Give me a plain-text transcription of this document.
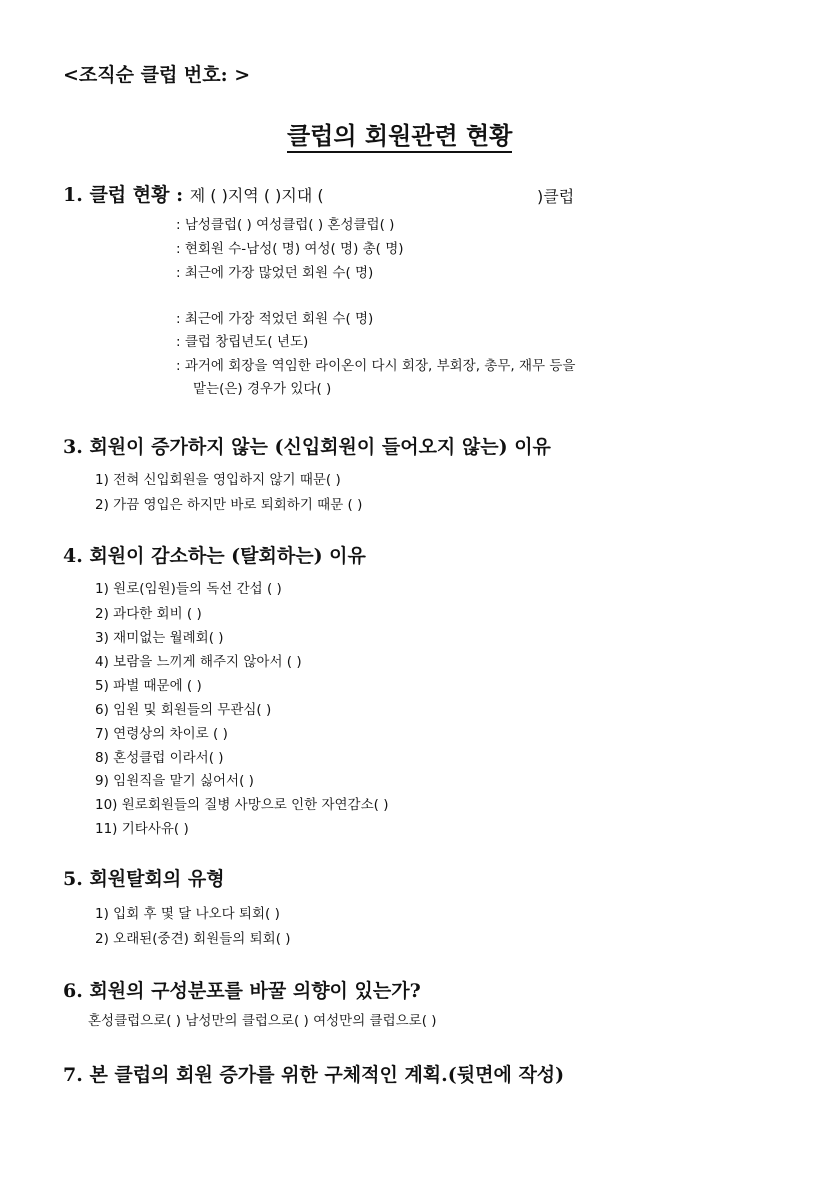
<조직순 클럽 번호: >
클럽의 회원관련 현황
1. 클럽 현황 : 제 ( )지역 ( )지대 (	)클럽
: 남성클럽( ) 여성클럽( ) 혼성클럽( )
: 현회원 수-남성( 명) 여성( 명) 총( 명)
: 최근에 가장 많었던 회원 수( 명)
: 최근에 가장 적었던 회원 수( 명)
: 클럽 창립년도( 년도)
: 과거에 회장을 역임한 라이온이 다시 회장, 부회장, 총무, 재무 등을
맡는(은) 경우가 있다( )
3. 회원이 증가하지 않는 (신입회원이 들어오지 않는) 이유
1) 전혀 신입회원을 영입하지 않기 때문( )
2) 가끔 영입은 하지만 바로 퇴회하기 때문 ( )
4. 회원이 감소하는 (탈회하는) 이유
1) 원로(임원)들의 독선 간섭 ( )
2) 과다한 회비 ( )
3) 재미없는 월례회( )
4) 보람을 느끼게 해주지 않아서 ( )
5) 파벌 때문에 ( )
6) 임원 및 회원들의 무관심( )
7) 연령상의 차이로 ( )
8) 혼성클럽 이라서( )
9) 임원직을 맡기 싫어서( )
10) 원로회원들의 질병 사망으로 인한 자연감소( )
11) 기타사유( )
5. 회원탈회의 유형
1) 입회 후 몇 달 나오다 퇴회( )
2) 오래된(중견) 회원들의 퇴회( )
6. 회원의 구성분포를 바꿀 의향이 있는가?
혼성클럽으로( ) 남성만의 클럽으로( ) 여성만의 클럽으로( )
7. 본 클럽의 회원 증가를 위한 구체적인 계획.(뒷면에 작성)
